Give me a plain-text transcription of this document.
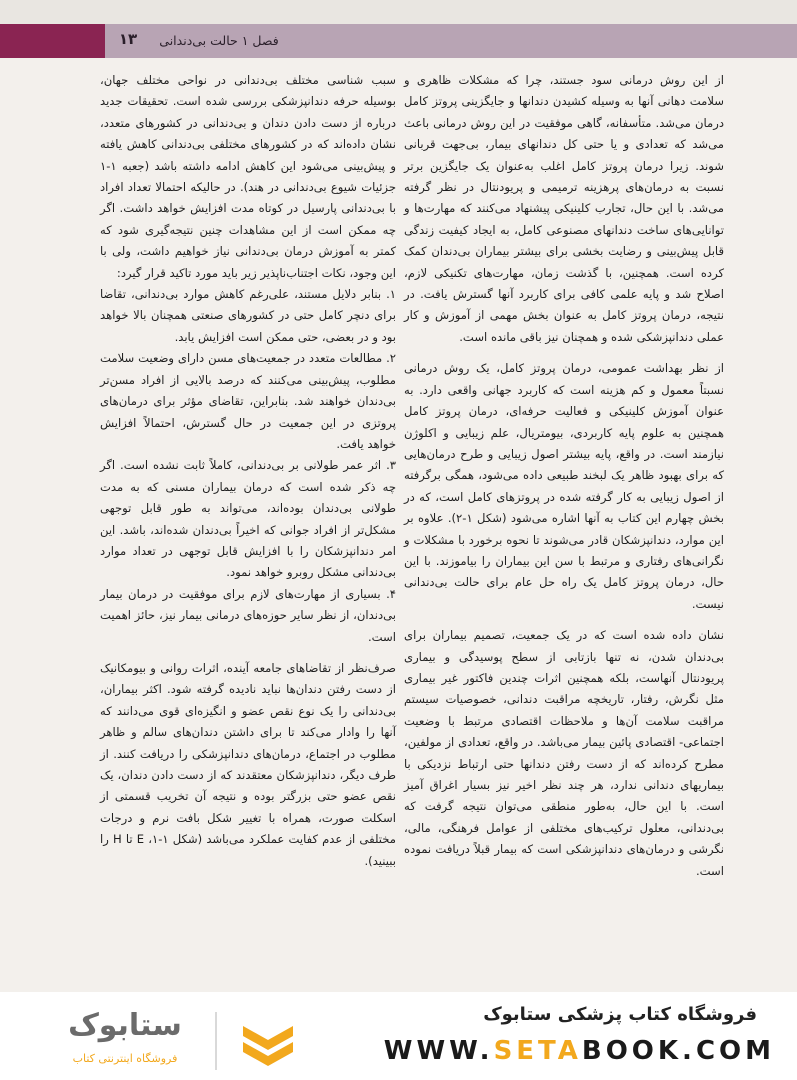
۱۳	فصل ۱ حالت بی‌دندانی

از این روش درمانی سود جستند، چرا که مشکلات ظاهری و سلامت دهانی آنها به وسیله کشیدن دندانها و جایگزینی پروتز کامل درمان می‌شد. متأسفانه، گاهی موفقیت در این روش درمانی باعث می‌شد که تعدادی و یا حتی کل دندانهای بیمار، بی‌جهت قربانی شوند. زیرا درمان پروتز کامل اغلب به‌عنوان یک جایگزین برتر نسبت به درمان‌های پرهزینه ترمیمی و پریودنتال در نظر گرفته می‌شد. با این حال، تجارب کلینیکی پیشنهاد می‌کنند که مهارت‌ها و توانایی‌های ساخت دندانهای مصنوعی کامل، به ایجاد کیفیت زندگی قابل پیش‌بینی و رضایت بخشی برای بیشتر بیماران بی‌دندان کمک کرده است. همچنین، با گذشت زمان، مهارت‌های تکنیکی لازم، اصلاح شد و پایه علمی کافی برای کاربرد آنها گسترش یافت. در نتیجه، درمان پروتز کامل به عنوان بخش مهمی از آموزش و کار عملی دندانپزشکی شده و همچنان نیز باقی مانده است.

از نظر بهداشت عمومی، درمان پروتز کامل، یک روش درمانی نسبتاً معمول و کم هزینه است که کاربرد جهانی واقعی دارد. به عنوان آموزش کلینیکی و فعالیت حرفه‌ای، درمان پروتز کامل همچنین به علوم پایه کاربردی، بیومتریال، علم زیبایی و اکلوژن نیازمند است. در واقع، پایه بیشتر اصول زیبایی و طرح درمان‌هایی که برای بهبود ظاهر یک لبخند طبیعی داده می‌شود، همگی برگرفته از اصول زیبایی به کار گرفته شده در پروتزهای کامل است، که در بخش چهارم این کتاب به آنها اشاره می‌شود (شکل ۱-۲). علاوه بر این موارد، دندانپزشکان قادر می‌شوند تا نحوه برخورد با مشکلات و نگرانی‌های رفتاری و مرتبط با سن این بیماران را بیاموزند. با این حال، درمان پروتز کامل یک راه حل عام برای حالت بی‌دندانی نیست.

نشان داده شده است که در یک جمعیت، تصمیم بیماران برای بی‌دندان شدن، نه تنها بازتابی از سطح پوسیدگی و بیماری پریودنتال آنهاست، بلکه همچنین اثرات چندین فاکتور غیر بیماری مثل نگرش، رفتار، تاریخچه مراقبت دندانی، خصوصیات سیستم مراقبت سلامت آن‌ها و ملاحظات اقتصادی مرتبط با وضعیت اجتماعی- اقتصادی پائین بیمار می‌باشد. در واقع، تعدادی از مولفین، مطرح کرده‌اند که از دست رفتن دندانها حتی ارتباط نزدیکی با بیماریهای دندانی ندارد، هر چند نظر اخیر نیز بسیار اغراق آمیز است. با این حال، به‌طور منطقی می‌توان نتیجه گرفت که بی‌دندانی، معلول ترکیب‌های مختلفی از عوامل فرهنگی، مالی، نگرشی و درمان‌های دندانپزشکی است که بیمار قبلاً دریافت نموده است.

سبب شناسی مختلف بی‌دندانی در نواحی مختلف جهان، بوسیله حرفه دندانپزشکی بررسی شده است. تحقیقات جدید درباره از دست دادن دندان و بی‌دندانی در کشورهای متعدد، نشان داده‌اند که در کشورهای مختلفی بی‌دندانی کاهش یافته و پیش‌بینی می‌شود این کاهش ادامه داشته باشد (جعبه ۱-۱ جزئیات شیوع بی‌دندانی در هند). در حالیکه احتمالا تعداد افراد با بی‌دندانی پارسیل در کوتاه مدت افزایش خواهد داشت. اگر چه ممکن است از این مشاهدات چنین نتیجه‌گیری شود که کمتر به آموزش درمان بی‌دندانی نیاز خواهیم داشت، ولی با این وجود، نکات اجتناب‌ناپذیر زیر باید مورد تاکید قرار گیرد:

۱. بنابر دلایل مستند، علی‌رغم کاهش موارد بی‌دندانی، تقاضا برای دنچر کامل حتی در کشورهای صنعتی همچنان بالا خواهد بود و در بعضی، حتی ممکن است افزایش یابد.

۲. مطالعات متعدد در جمعیت‌های مسن دارای وضعیت سلامت مطلوب، پیش‌بینی می‌کنند که درصد بالایی از افراد مسن‌تر بی‌دندان خواهند شد. بنابراین، تقاضای مؤثر برای درمان‌های پروتزی در این جمعیت در حال گسترش، احتمالاً افزایش خواهد یافت.

۳. اثر عمر طولانی بر بی‌دندانی، کاملاً ثابت نشده است. اگر چه ذکر شده است که درمان بیماران مسنی که به مدت طولانی بی‌دندان بوده‌اند، می‌تواند به طور قابل توجهی مشکل‌تر از افراد جوانی که اخیراً بی‌دندان شده‌اند، باشد. این امر دندانپزشکان را با افزایش قابل توجهی در تعداد موارد بی‌دندانی مشکل روبرو خواهد نمود.

۴. بسیاری از مهارت‌های لازم برای موفقیت در درمان بیمار بی‌دندان، از نظر سایر حوزه‌های درمانی بیمار نیز، حائز اهمیت است.

صرف‌نظر از تقاضاهای جامعه آینده، اثرات روانی و بیومکانیک از دست رفتن دندان‌ها نباید نادیده گرفته شود. اکثر بیماران، بی‌دندانی را یک نوع نقص عضو و انگیزه‌ای قوی می‌دانند که آنها را وادار می‌کند تا برای داشتن دندان‌های سالم و ظاهر مطلوب در اجتماع، درمان‌های دندانپزشکی را دریافت کنند. از طرف دیگر، دندانپزشکان معتقدند که از دست دادن دندان، یک نقص عضو حتی بزرگتر بوده و نتیجه آن تخریب قسمتی از اسکلت صورت، همراه با تغییر شکل بافت نرم و درجات مختلفی از عدم کفایت عملکرد می‌باشد (شکل ۱-۱، E تا H را ببینید).

فروشگاه کتاب پزشکی ستابوک
WWW.SETABOOK.COM
ستابوک
فروشگاه اینترنتی کتاب
